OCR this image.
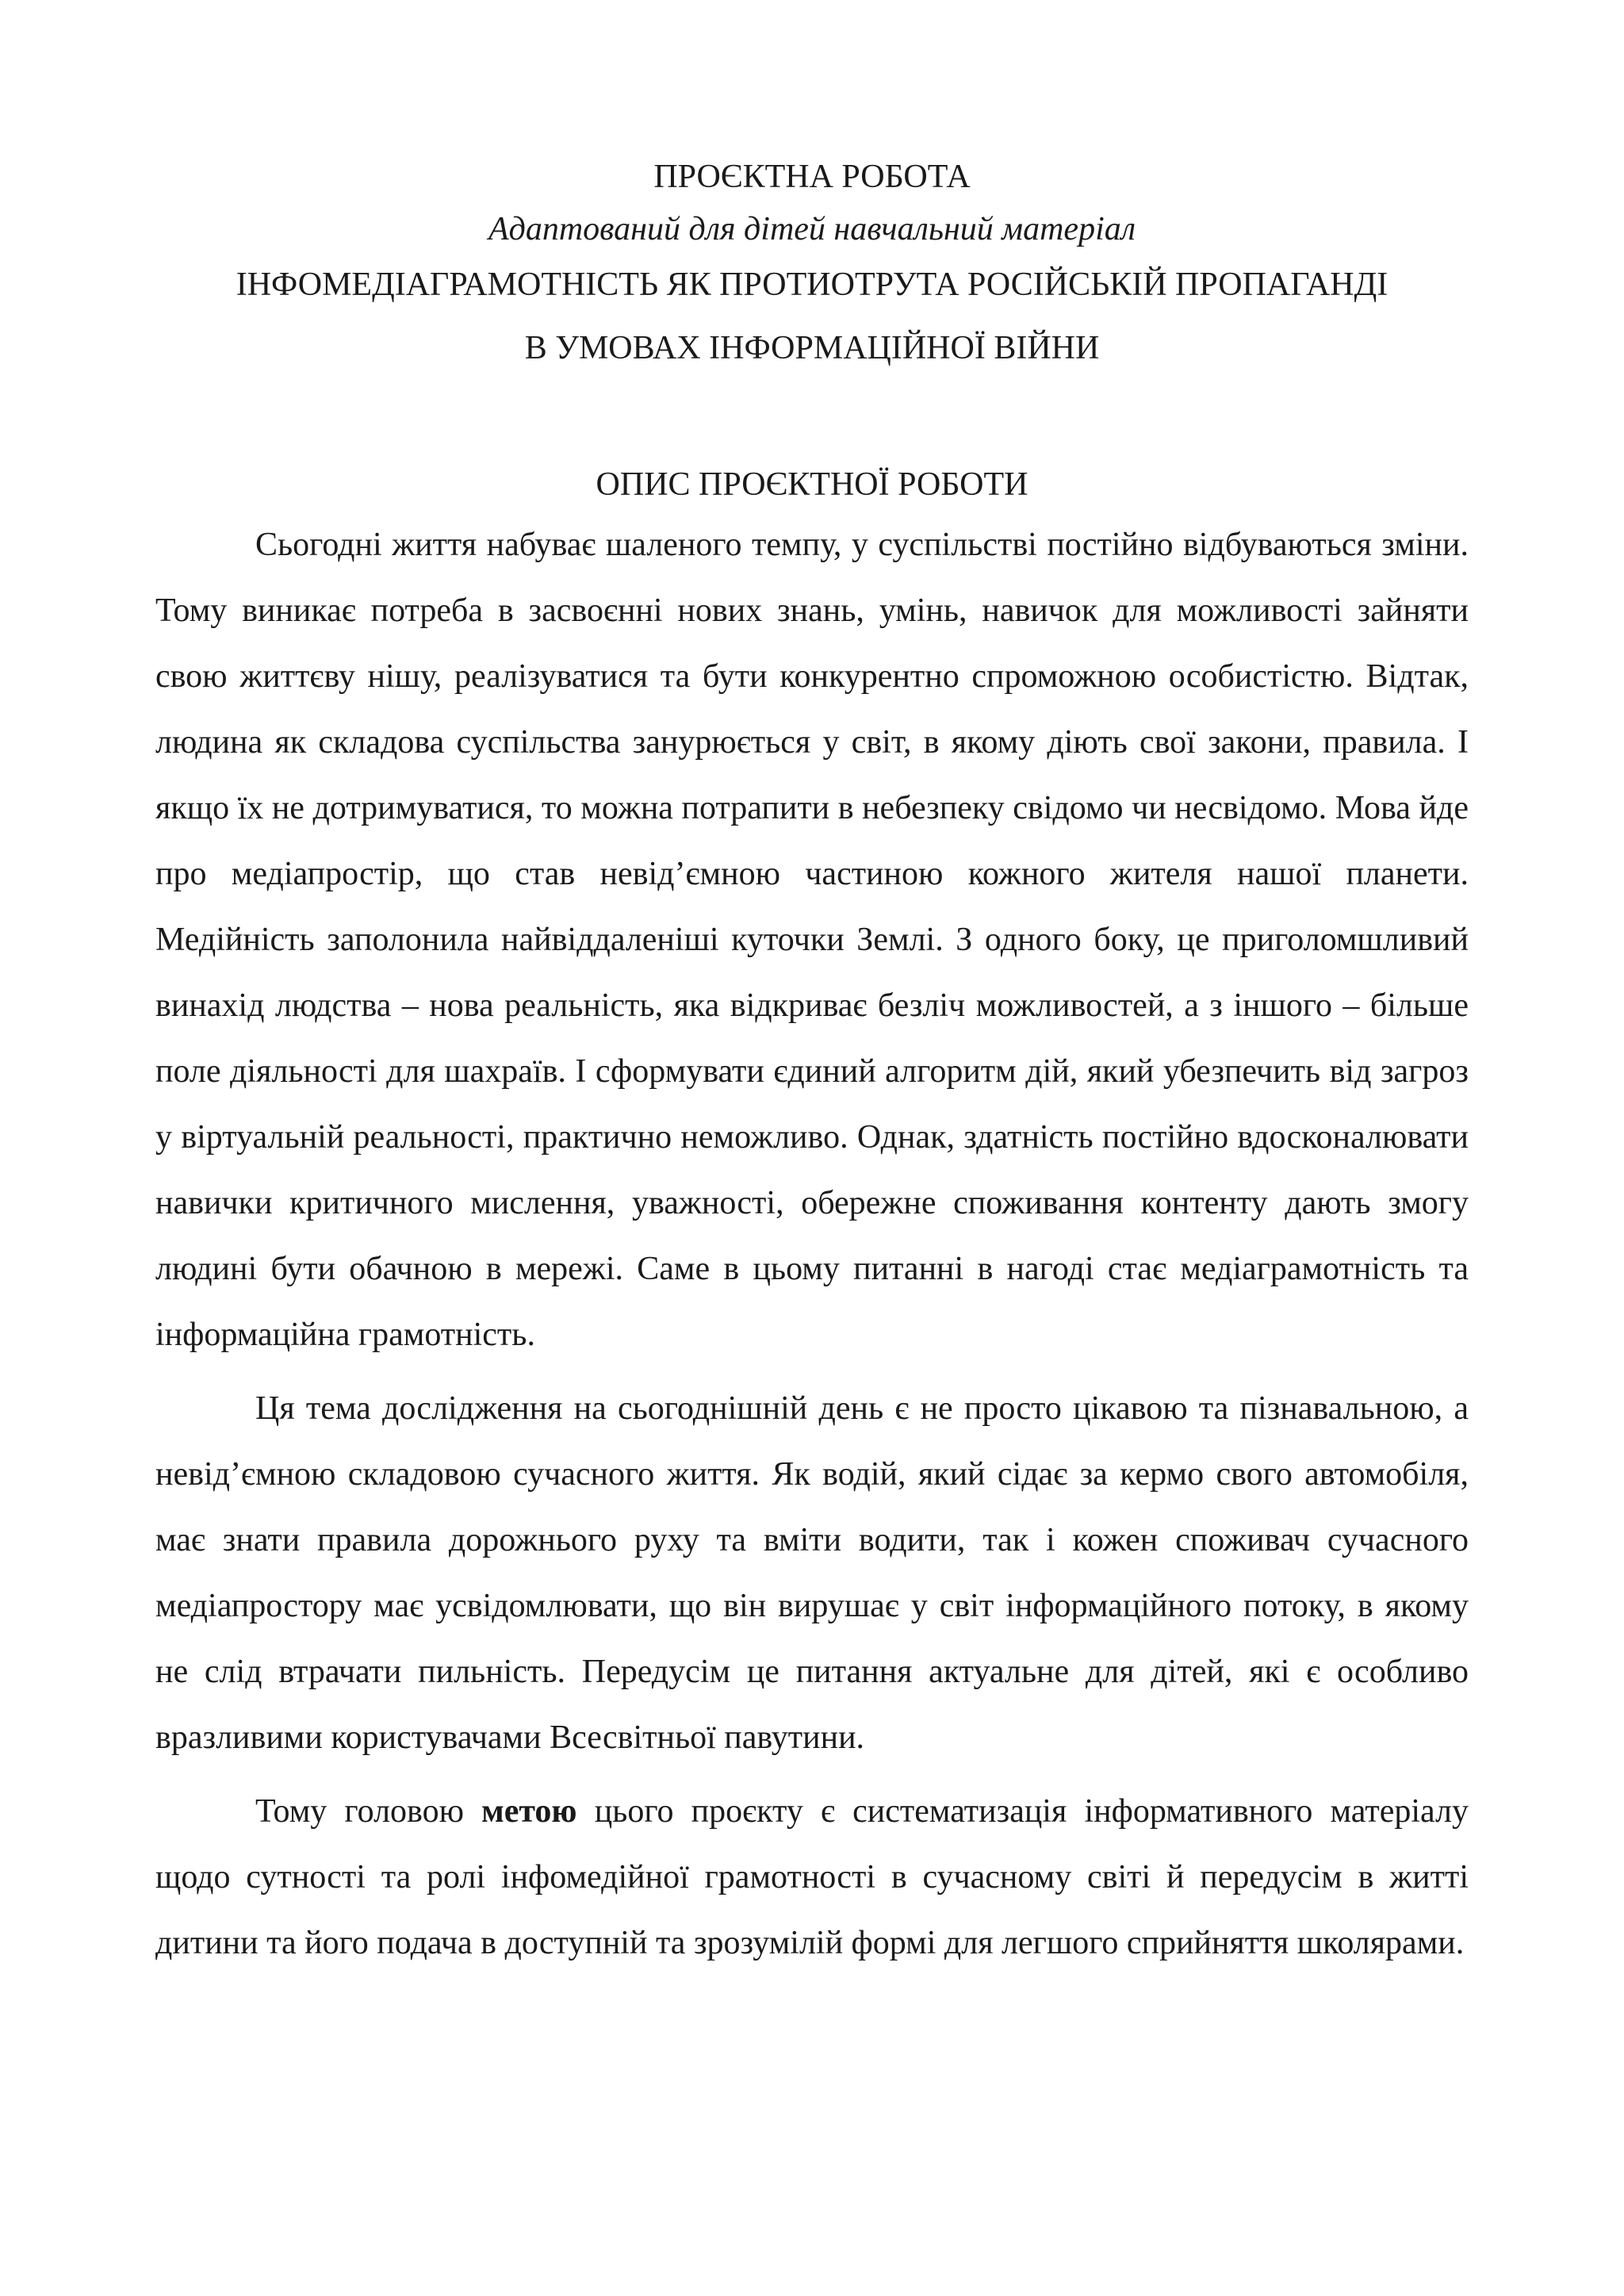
ПРОЄКТНА РОБОТА

Адаптований для дітей навчальний матеріал

ІНФОМЕДІАГРАМОТНІСТЬ ЯК ПРОТИОТРУТА РОСІЙСЬКІЙ ПРОПАГАНДІ
В УМОВАХ ІНФОРМАЦІЙНОЇ ВІЙНИ
ОПИС ПРОЄКТНОЇ РОБОТИ

Сьогодні життя набуває шаленого темпу, у суспільстві постійно відбуваються зміни. Тому виникає потреба в засвоєнні нових знань, умінь, навичок для можливості зайняти свою життєву нішу, реалізуватися та бути конкурентно спроможною особистістю. Відтак, людина як складова суспільства занурюється у світ, в якому діють свої закони, правила. І якщо їх не дотримуватися, то можна потрапити в небезпеку свідомо чи несвідомо. Мова йде про медіапростір, що став невід’ємною частиною кожного жителя нашої планети. Медійність заполонила найвіддаленіші куточки Землі. З одного боку, це приголомшливий винахід людства – нова реальність, яка відкриває безліч можливостей, а з іншого – більше поле діяльності для шахраїв. І сформувати єдиний алгоритм дій, який убезпечить від загроз у віртуальній реальності, практично неможливо. Однак, здатність постійно вдосконалювати навички критичного мислення, уважності, обережне споживання контенту дають змогу людині бути обачною в мережі. Саме в цьому питанні в нагоді стає медіаграмотність та інформаційна грамотність.

Ця тема дослідження на сьогоднішній день є не просто цікавою та пізнавальною, а невід’ємною складовою сучасного життя. Як водій, який сідає за кермо свого автомобіля, має знати правила дорожнього руху та вміти водити, так і кожен споживач сучасного медіапростору має усвідомлювати, що він вирушає у світ інформаційного потоку, в якому не слід втрачати пильність. Передусім це питання актуальне для дітей, які є особливо вразливими користувачами Всесвітньої павутини.

Тому головою метою цього проєкту є систематизація інформативного матеріалу щодо сутності та ролі інфомедійної грамотності в сучасному світі й передусім в житті дитини та його подача в доступній та зрозумілій формі для легшого сприйняття школярами.
